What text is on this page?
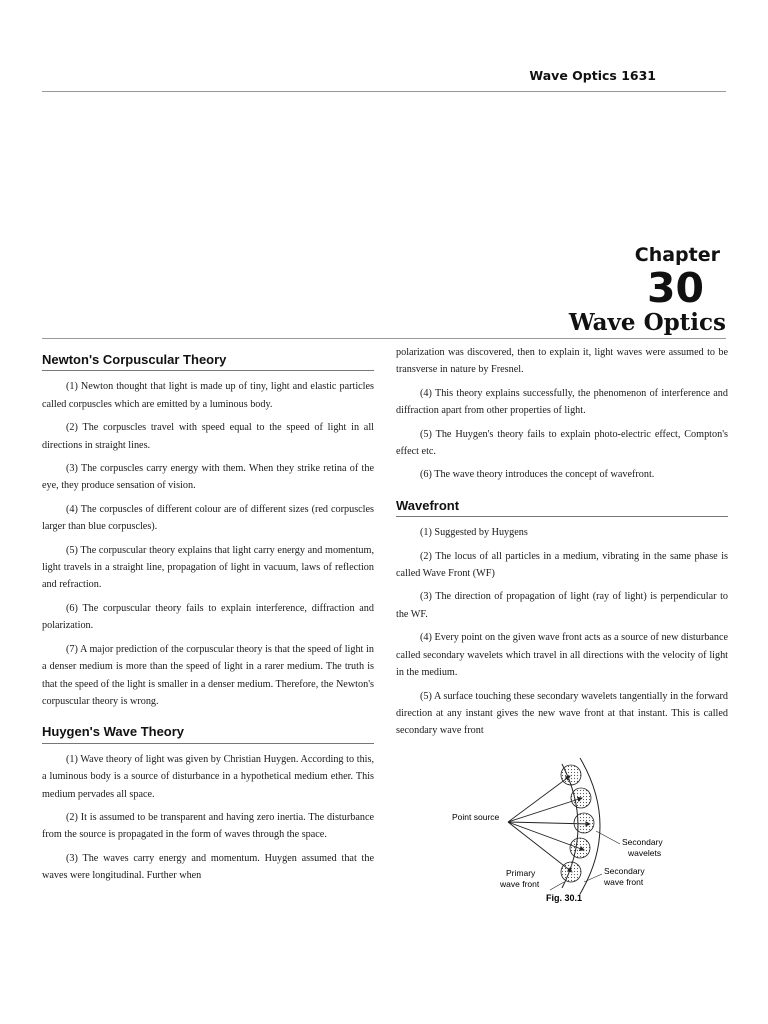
Wave Optics 1631
Chapter
30
Wave Optics
Newton's Corpuscular Theory

(1) Newton thought that light is made up of tiny, light and elastic particles called corpuscles which are emitted by a luminous body.

(2) The corpuscles travel with speed equal to the speed of light in all directions in straight lines.

(3) The corpuscles carry energy with them. When they strike retina of the eye, they produce sensation of vision.

(4) The corpuscles of different colour are of different sizes (red corpuscles larger than blue corpuscles).

(5) The corpuscular theory explains that light carry energy and momentum, light travels in a straight line, propagation of light in vacuum, laws of reflection and refraction.

(6) The corpuscular theory fails to explain interference, diffraction and polarization.

(7) A major prediction of the corpuscular theory is that the speed of light in a denser medium is more than the speed of light in a rarer medium. The truth is that the speed of the light is smaller in a denser medium. Therefore, the Newton's corpuscular theory is wrong.

Huygen's Wave Theory

(1) Wave theory of light was given by Christian Huygen. According to this, a luminous body is a source of disturbance in a hypothetical medium ether. This medium pervades all space.

(2) It is assumed to be transparent and having zero inertia. The disturbance from the source is propagated in the form of waves through the space.

(3) The waves carry energy and momentum. Huygen assumed that the waves were longitudinal. Further when

polarization was discovered, then to explain it, light waves were assumed to be transverse in nature by Fresnel.

(4) This theory explains successfully, the phenomenon of interference and diffraction apart from other properties of light.

(5) The Huygen's theory fails to explain photo-electric effect, Compton's effect etc.

(6) The wave theory introduces the concept of wavefront.

Wavefront

(1) Suggested by Huygens

(2) The locus of all particles in a medium, vibrating in the same phase is called Wave Front (WF)

(3) The direction of propagation of light (ray of light) is perpendicular to the WF.

(4) Every point on the given wave front acts as a source of new disturbance called secondary wavelets which travel in all directions with the velocity of light in the medium.

(5) A surface touching these secondary wavelets tangentially in the forward direction at any instant gives the new wave front at that instant. This is called secondary wave front

Point source
Secondary
wavelets
Secondary
wave front
Primary
wave front
Fig. 30.1
